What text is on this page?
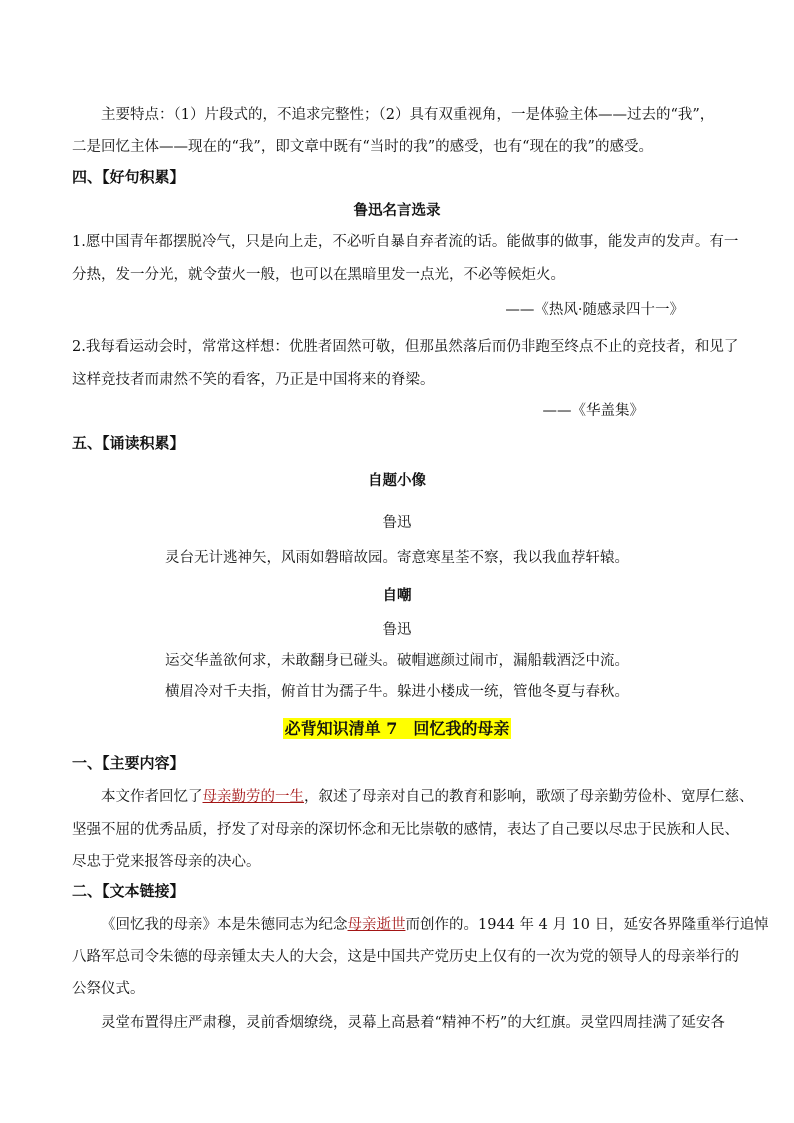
主要特点：（1）片段式的，不追求完整性；（2）具有双重视角，一是体验主体——过去的“我”，
二是回忆主体——现在的“我”，即文章中既有“当时的我”的感受，也有“现在的我”的感受。
四、【好句积累】
鲁迅名言选录
1.愿中国青年都摆脱冷气，只是向上走，不必听自暴自弃者流的话。能做事的做事，能发声的发声。有一
分热，发一分光，就令萤火一般，也可以在黑暗里发一点光，不必等候炬火。
——《热风·随感录四十一》
2.我每看运动会时，常常这样想：优胜者固然可敬，但那虽然落后而仍非跑至终点不止的竞技者，和见了
这样竞技者而肃然不笑的看客，乃正是中国将来的脊梁。
——《华盖集》
五、【诵读积累】
自题小像
鲁迅
灵台无计逃神矢，风雨如磐暗故园。寄意寒星荃不察，我以我血荐轩辕。
自嘲
鲁迅
运交华盖欲何求，未敢翻身已碰头。破帽遮颜过闹市，漏船载酒泛中流。
横眉冷对千夫指，俯首甘为孺子牛。躲进小楼成一统，管他冬夏与春秋。
必背知识清单 7　回忆我的母亲
一、【主要内容】
本文作者回忆了母亲勤劳的一生，叙述了母亲对自己的教育和影响，歌颂了母亲勤劳俭朴、宽厚仁慈、
坚强不屈的优秀品质，抒发了对母亲的深切怀念和无比崇敬的感情，表达了自己要以尽忠于民族和人民、
尽忠于党来报答母亲的决心。
二、【文本链接】
《回忆我的母亲》本是朱德同志为纪念母亲逝世而创作的。1944 年 4 月 10 日，延安各界隆重举行追悼
八路军总司令朱德的母亲锺太夫人的大会，这是中国共产党历史上仅有的一次为党的领导人的母亲举行的
公祭仪式。
灵堂布置得庄严肃穆，灵前香烟缭绕，灵幕上高悬着“精神不朽”的大红旗。灵堂四周挂满了延安各
